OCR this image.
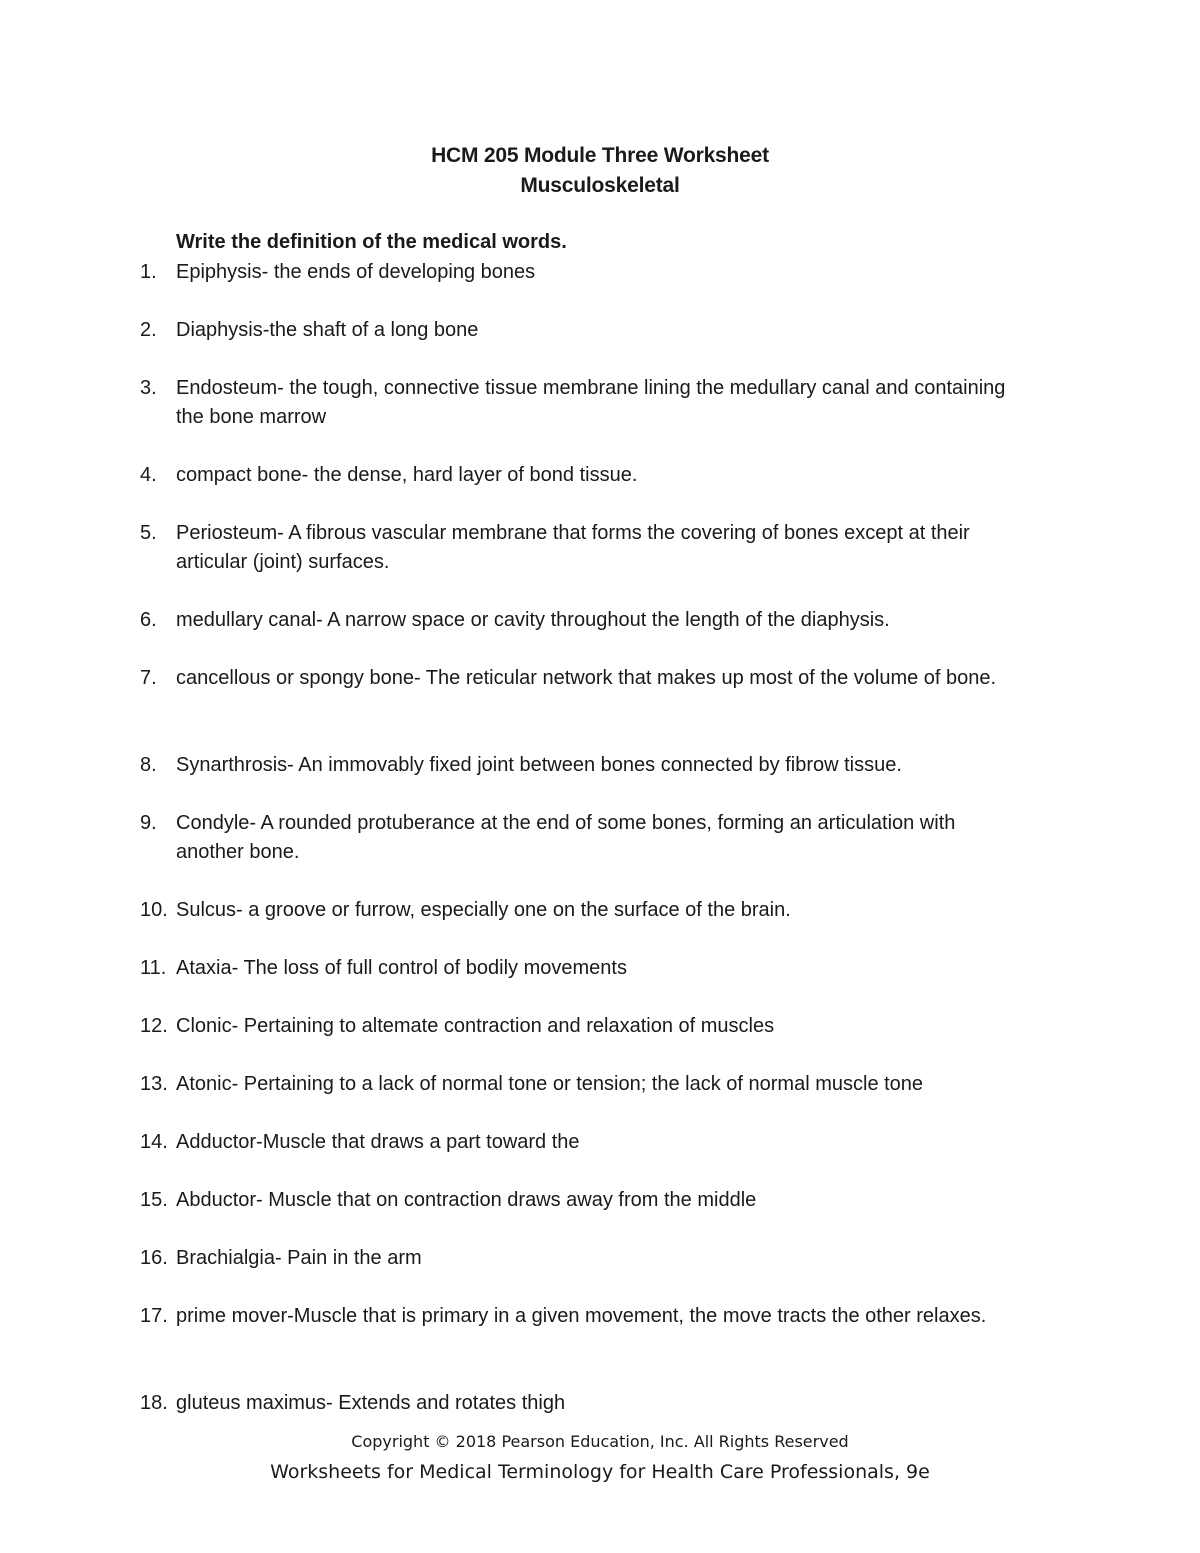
HCM 205 Module Three Worksheet
Musculoskeletal
Write the definition of the medical words.
1. Epiphysis- the ends of developing bones
2. Diaphysis-the shaft of a long bone
3. Endosteum- the tough, connective tissue membrane lining the medullary canal and containing the bone marrow
4. compact bone- the dense, hard layer of bond tissue.
5. Periosteum- A fibrous vascular membrane that forms the covering of bones except at their articular (joint) surfaces.
6. medullary canal- A narrow space or cavity throughout the length of the diaphysis.
7. cancellous or spongy bone- The reticular network that makes up most of the volume of bone.
8. Synarthrosis- An immovably fixed joint between bones connected by fibrow tissue.
9. Condyle- A rounded protuberance at the end of some bones, forming an articulation with another bone.
10. Sulcus- a groove or furrow, especially one on the surface of the brain.
11. Ataxia- The loss of full control of bodily movements
12. Clonic- Pertaining to altemate contraction and relaxation of muscles
13. Atonic- Pertaining to a lack of normal tone or tension; the lack of normal muscle tone
14. Adductor-Muscle that draws a part toward the
15. Abductor- Muscle that on contraction draws away from the middle
16. Brachialgia- Pain in the arm
17. prime mover-Muscle that is primary in a given movement, the move tracts the other relaxes.
18. gluteus maximus- Extends and rotates thigh
Copyright © 2018 Pearson Education, Inc. All Rights Reserved
Worksheets for Medical Terminology for Health Care Professionals, 9e
